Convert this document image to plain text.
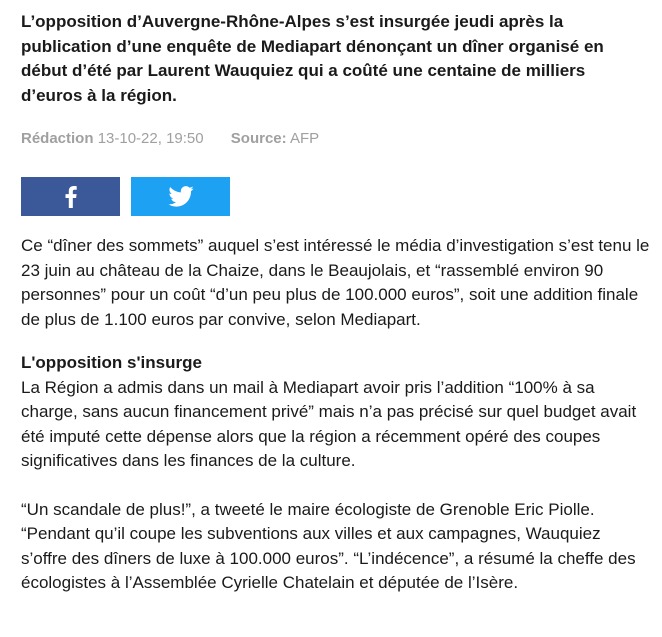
L’opposition d’Auvergne-Rhône-Alpes s’est insurgée jeudi après la publication d’une enquête de Mediapart dénonçant un dîner organisé en début d’été par Laurent Wauquiez qui a coûté une centaine de milliers d’euros à la région.

Rédaction 13-10-22, 19:50 Source: AFP

Ce “dîner des sommets” auquel s’est intéressé le média d’investigation s’est tenu le 23 juin au château de la Chaize, dans le Beaujolais, et “rassemblé environ 90 personnes” pour un coût “d’un peu plus de 100.000 euros”, soit une addition finale de plus de 1.100 euros par convive, selon Mediapart.

L'opposition s'insurge

La Région a admis dans un mail à Mediapart avoir pris l’addition “100% à sa charge, sans aucun financement privé” mais n’a pas précisé sur quel budget avait été imputé cette dépense alors que la région a récemment opéré des coupes significatives dans les finances de la culture.

“Un scandale de plus!”, a tweeté le maire écologiste de Grenoble Eric Piolle. “Pendant qu’il coupe les subventions aux villes et aux campagnes, Wauquiez s’offre des dîners de luxe à 100.000 euros”. “L’indécence”, a résumé la cheffe des écologistes à l’Assemblée Cyrielle Chatelain et députée de l’Isère.
